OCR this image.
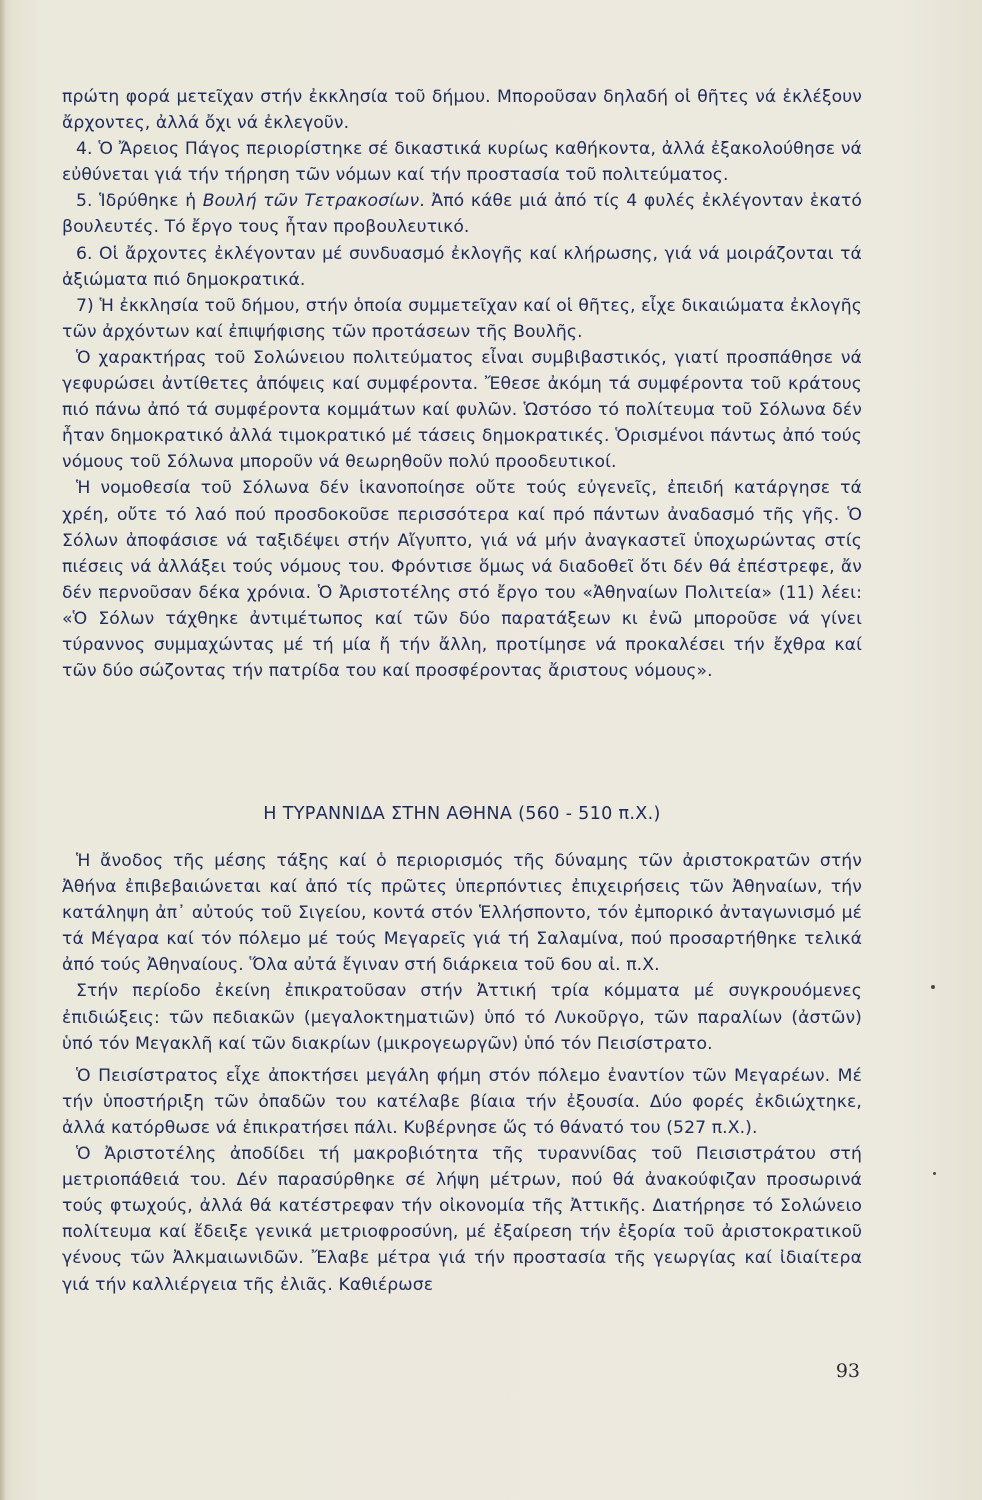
πρώτη φορά μετεῖχαν στήν ἐκκλησία τοῦ δήμου. Μποροῦσαν δηλαδή οἱ θῆτες νά ἐκλέξουν ἄρχοντες, ἀλλά ὄχι νά ἐκλεγοῦν.

4. Ὁ Ἄρειος Πάγος περιορίστηκε σέ δικαστικά κυρίως καθήκοντα, ἀλλά ἐξακολούθησε νά εὐθύνεται γιά τήν τήρηση τῶν νόμων καί τήν προστασία τοῦ πολιτεύματος.

5. Ἱδρύθηκε ἡ Βουλή τῶν Τετρακοσίων. Ἀπό κάθε μιά ἀπό τίς 4 φυλές ἐκλέγονταν ἑκατό βουλευτές. Τό ἔργο τους ἦταν προβουλευτικό.

6. Οἱ ἄρχοντες ἐκλέγονταν μέ συνδυασμό ἐκλογῆς καί κλήρωσης, γιά νά μοιράζονται τά ἀξιώματα πιό δημοκρατικά.

7) Ἡ ἐκκλησία τοῦ δήμου, στήν ὁποία συμμετεῖχαν καί οἱ θῆτες, εἶχε δικαιώματα ἐκλογῆς τῶν ἀρχόντων καί ἐπιψήφισης τῶν προτάσεων τῆς Βουλῆς.

Ὁ χαρακτήρας τοῦ Σολώνειου πολιτεύματος εἶναι συμβιβαστικός, γιατί προσπάθησε νά γεφυρώσει ἀντίθετες ἀπόψεις καί συμφέροντα. Ἔθεσε ἀκόμη τά συμφέροντα τοῦ κράτους πιό πάνω ἀπό τά συμφέροντα κομμάτων καί φυλῶν. Ὡστόσο τό πολίτευμα τοῦ Σόλωνα δέν ἦταν δημοκρατικό ἀλλά τιμοκρατικό μέ τάσεις δημοκρατικές. Ὁρισμένοι πάντως ἀπό τούς νόμους τοῦ Σόλωνα μποροῦν νά θεωρηθοῦν πολύ προοδευτικοί.

Ἡ νομοθεσία τοῦ Σόλωνα δέν ἱκανοποίησε οὔτε τούς εὐγενεῖς, ἐπειδή κατάργησε τά χρέη, οὔτε τό λαό πού προσδοκοῦσε περισσότερα καί πρό πάντων ἀναδασμό τῆς γῆς. Ὁ Σόλων ἀποφάσισε νά ταξιδέψει στήν Αἴγυπτο, γιά νά μήν ἀναγκαστεῖ ὑποχωρώντας στίς πιέσεις νά ἀλλάξει τούς νόμους του. Φρόντισε ὅμως νά διαδοθεῖ ὅτι δέν θά ἐπέστρεφε, ἄν δέν περνοῦσαν δέκα χρόνια. Ὁ Ἀριστοτέλης στό ἔργο του «Ἀθηναίων Πολιτεία» (11) λέει: «Ὁ Σόλων τάχθηκε ἀντιμέτωπος καί τῶν δύο παρατάξεων κι ἐνῶ μποροῦσε νά γίνει τύραννος συμμαχώντας μέ τή μία ἤ τήν ἄλλη, προτίμησε νά προκαλέσει τήν ἔχθρα καί τῶν δύο σώζοντας τήν πατρίδα του καί προσφέροντας ἄριστους νόμους».

Η ΤΥΡΑΝΝΙΔΑ ΣΤΗΝ ΑΘΗΝΑ (560 - 510 π.Χ.)

Ἡ ἄνοδος τῆς μέσης τάξης καί ὁ περιορισμός τῆς δύναμης τῶν ἀριστοκρατῶν στήν Ἀθήνα ἐπιβεβαιώνεται καί ἀπό τίς πρῶτες ὑπερπόντιες ἐπιχειρήσεις τῶν Ἀθηναίων, τήν κατάληψη ἀπ᾽ αὐτούς τοῦ Σιγείου, κοντά στόν Ἑλλήσποντο, τόν ἐμπορικό ἀνταγωνισμό μέ τά Μέγαρα καί τόν πόλεμο μέ τούς Μεγαρεῖς γιά τή Σαλαμίνα, πού προσαρτήθηκε τελικά ἀπό τούς Ἀθηναίους. Ὅλα αὐτά ἔγιναν στή διάρκεια τοῦ 6ου αἰ. π.Χ.

Στήν περίοδο ἐκείνη ἐπικρατοῦσαν στήν Ἀττική τρία κόμματα μέ συγκρουόμενες ἐπιδιώξεις: τῶν πεδιακῶν (μεγαλοκτηματιῶν) ὑπό τό Λυκοῦργο, τῶν παραλίων (ἀστῶν) ὑπό τόν Μεγακλῆ καί τῶν διακρίων (μικρογεωργῶν) ὑπό τόν Πεισίστρατο.

Ὁ Πεισίστρατος εἶχε ἀποκτήσει μεγάλη φήμη στόν πόλεμο ἐναντίον τῶν Μεγαρέων. Μέ τήν ὑποστήριξη τῶν ὀπαδῶν του κατέλαβε βίαια τήν ἐξουσία. Δύο φορές ἐκδιώχτηκε, ἀλλά κατόρθωσε νά ἐπικρατήσει πάλι. Κυβέρνησε ὥς τό θάνατό του (527 π.Χ.).

Ὁ Ἀριστοτέλης ἀποδίδει τή μακροβιότητα τῆς τυραννίδας τοῦ Πεισιστράτου στή μετριοπάθειά του. Δέν παρασύρθηκε σέ λήψη μέτρων, πού θά ἀνακούφιζαν προσωρινά τούς φτωχούς, ἀλλά θά κατέστρεφαν τήν οἰκονομία τῆς Ἀττικῆς. Διατήρησε τό Σολώνειο πολίτευμα καί ἔδειξε γενικά μετριοφροσύνη, μέ ἐξαίρεση τήν ἐξορία τοῦ ἀριστοκρατικοῦ γένους τῶν Ἀλκμαιωνιδῶν. Ἔλαβε μέτρα γιά τήν προστασία τῆς γεωργίας καί ἰδιαίτερα γιά τήν καλλιέργεια τῆς ἐλιᾶς. Καθιέρωσε

93
